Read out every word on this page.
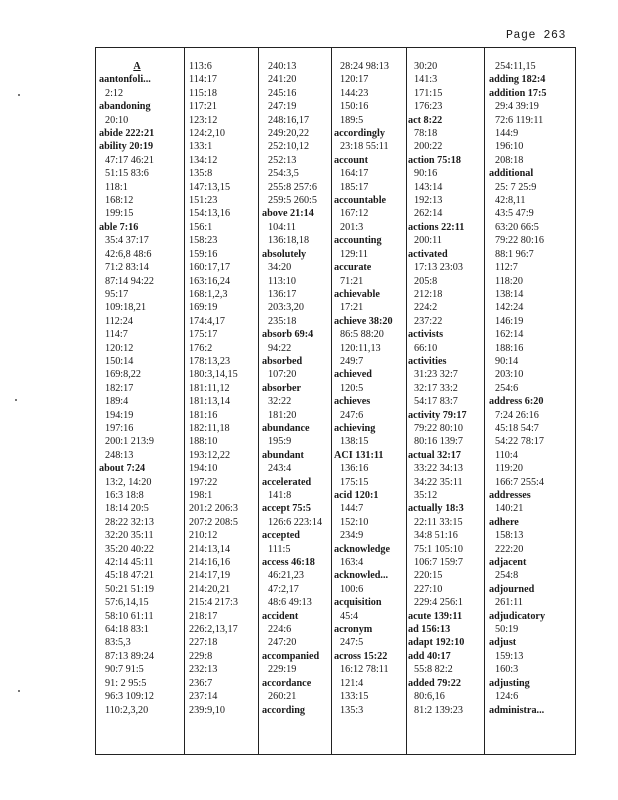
Page 263
A
aantonfoli...
2:12
abandoning
20:10
abide 222:21
ability 20:19
47:17 46:21
51:15 83:6
118:1
168:12
199:15
able 7:16
35:4 37:17
42:6,8 48:6
71:2 83:14
87:14 94:22
95:17
109:18,21
112:24
114:7
120:12
150:14
169:8,22
182:17
189:4
194:19
197:16
200:1 213:9
248:13
about 7:24
13:2, 14:20
16:3 18:8
18:14 20:5
28:22 32:13
32:20 35:11
35:20 40:22
42:14 45:11
45:18 47:21
50:21 51:19
57:6,14,15
58:10 61:11
64:18 83:1
83:5,3
87:13 89:24
90:7 91:5
91: 2 95:5
96:3 109:12
110:2,3,20
113:6
114:17
115:18
117:21
123:12
124:2,10
133:1
134:12
135:8
147:13,15
151:23
154:13,16
156:1
158:23
159:16
160:17,17
163:16,24
168:1,2,3
169:19
174:4,17
175:17
176:2
178:13,23
180:3,14,15
181:11,12
181:13,14
181:16
182:11,18
188:10
193:12,22
194:10
197:22
198:1
201:2 206:3
207:2 208:5
210:12
214:13,14
214:16,16
214:17,19
214:20,21
215:4 217:3
218:17
226:2,13,17
227:18
229:8
232:13
236:7
237:14
239:9,10
240:13
241:20
245:16
247:19
248:16,17
249:20,22
252:10,12
252:13
254:3,5
255:8 257:6
259:5 260:5
above 21:14
104:11
136:18,18
absolutely
34:20
113:10
136:17
203:3,20
235:18
absorb 69:4
94:22
absorbed
107:20
absorber
32:22
181:20
abundance
195:9
abundant
243:4
accelerated
141:8
accept 75:5
126:6 223:14
accepted
111:5
access 46:18
46:21,23
47:2,17
48:6 49:13
accident
224:6
247:20
accompanied
229:19
accordance
260:21
according
28:24 98:13
120:17
144:23
150:16
189:5
accordingly
23:18 55:11
account
164:17
185:17
accountable
167:12
201:3
accounting
129:11
accurate
71:21
achievable
17:21
achieve 38:20
86:5 88:20
120:11,13
249:7
achieved
120:5
achieves
247:6
achieving
138:15
ACI 131:11
136:16
175:15
acid 120:1
144:7
152:10
234:9
acknowledge
163:4
acknowled...
100:6
acquisition
45:4
acronym
247:5
across 15:22
16:12 78:11
121:4
133:15
135:3
30:20
141:3
171:15
176:23
act 8:22
78:18
200:22
action 75:18
90:16
143:14
192:13
262:14
actions 22:11
200:11
activated
17:13 23:03
205:8
212:18
224:2
237:22
activists
66:10
activities
31:23 32:7
32:17 33:2
54:17 83:7
activity 79:17
79:22 80:10
80:16 139:7
actual 32:17
33:22 34:13
34:22 35:11
35:12
actually 18:3
22:11 33:15
34:8 51:16
75:1 105:10
106:7 159:7
220:15
227:10
229:4 256:1
acute 139:11
ad 156:13
adapt 192:10
add 40:17
55:8 82:2
added 79:22
80:6,16
81:2 139:23
254:11,15
adding 182:4
addition 17:5
29:4 39:19
72:6 119:11
144:9
196:10
208:18
additional
25: 7 25:9
42:8,11
43:5 47:9
63:20 66:5
79:22 80:16
88:1 96:7
112:7
118:20
138:14
142:24
146:19
162:14
188:16
90:14
203:10
254:6
address 6:20
7:24 26:16
45:18 54:7
54:22 78:17
110:4
119:20
166:7 255:4
addresses
140:21
adhere
158:13
222:20
adjacent
254:8
adjourned
261:11
adjudicatory
50:19
adjust
159:13
160:3
adjusting
124:6
administra...
